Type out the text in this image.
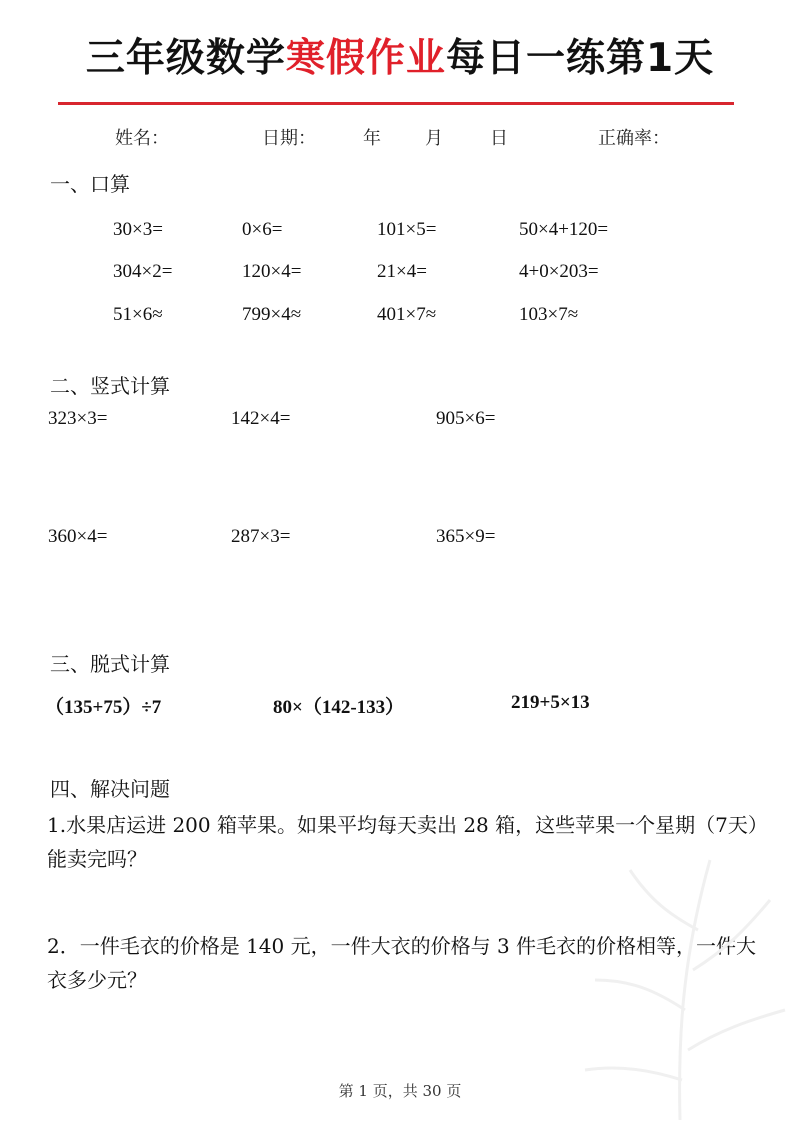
三年级数学寒假作业每日一练第1天
姓名：	日期：	年 月	日	正确率：
一、口算
30×3=	0×6=	101×5=	50×4+120=
304×2=	120×4=	21×4=	4+0×203=
51×6≈	799×4≈	401×7≈	103×7≈
二、竖式计算
323×3=	142×4=	905×6=
360×4=	287×3=	365×9=
三、脱式计算
（135+75）÷7	80×（142-133）	219+5×13
四、解决问题
1.水果店运进 200 箱苹果。如果平均每天卖出 28 箱，这些苹果一个星期（7天）能卖完吗？
2．一件毛衣的价格是 140 元，一件大衣的价格与 3 件毛衣的价格相等，一件大衣多少元？
第 1 页，共 30 页
